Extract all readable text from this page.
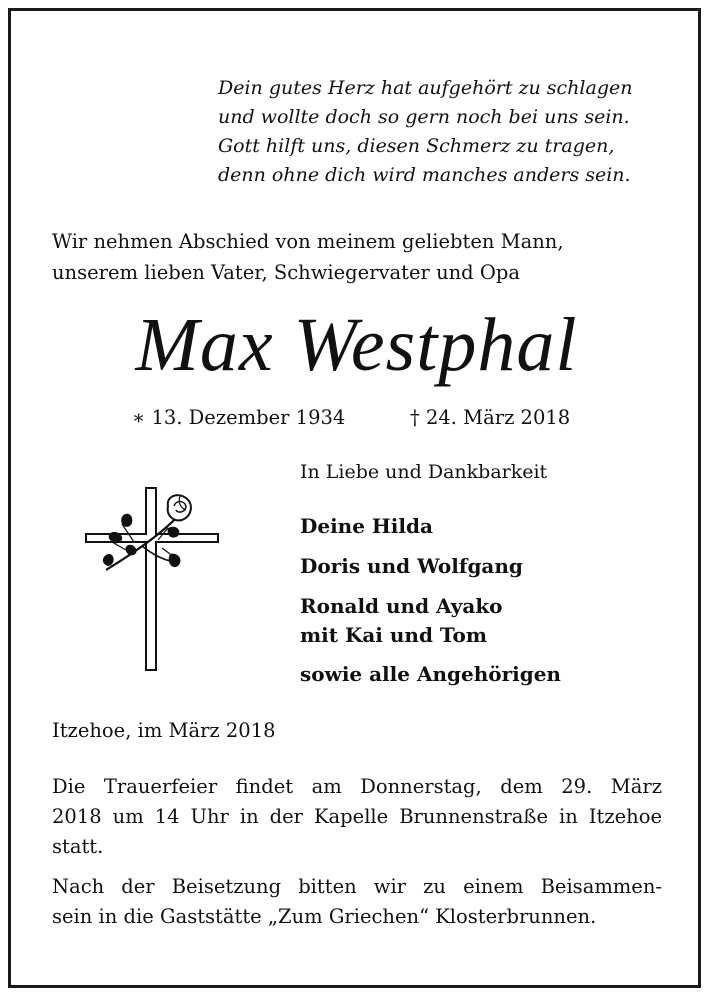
Dein gutes Herz hat aufgehört zu schlagen
und wollte doch so gern noch bei uns sein.
Gott hilft uns, diesen Schmerz zu tragen,
denn ohne dich wird manches anders sein.
Wir nehmen Abschied von meinem geliebten Mann,
unserem lieben Vater, Schwiegervater und Opa
Max Westphal
∗ 13. Dezember 1934	† 24. März 2018
In Liebe und Dankbarkeit
Deine Hilda
Doris und Wolfgang
Ronald und Ayako
mit Kai und Tom
sowie alle Angehörigen
Itzehoe, im März 2018
Die Trauerfeier findet am Donnerstag, dem 29. März
2018 um 14 Uhr in der Kapelle Brunnenstraße in Itzehoe
statt.
Nach der Beisetzung bitten wir zu einem Beisammen-
sein in die Gaststätte „Zum Griechen“ Klosterbrunnen.
